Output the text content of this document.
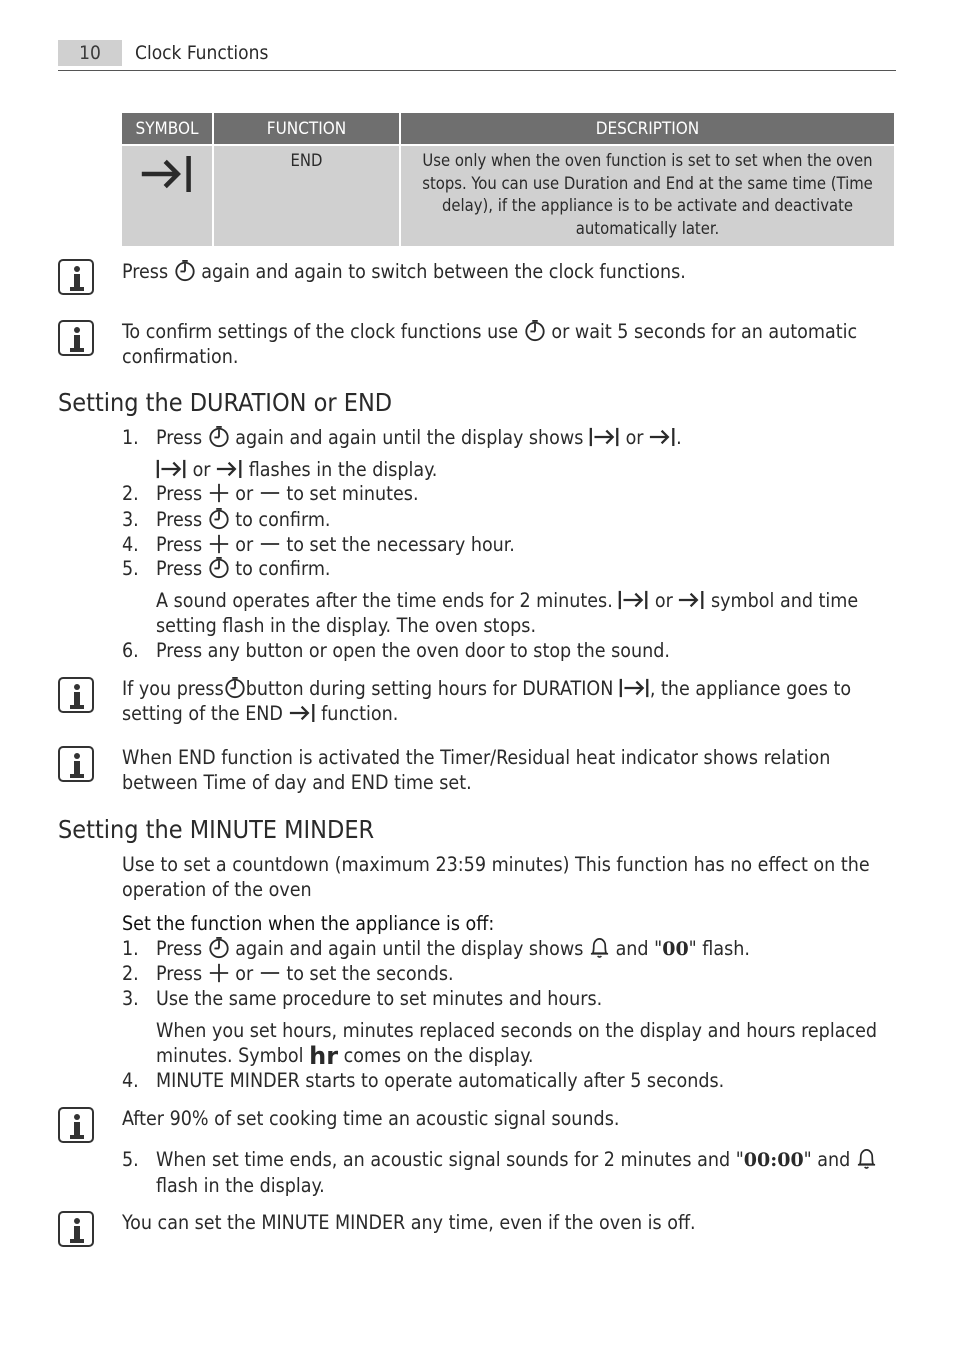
10	Clock Functions
SYMBOL	FUNCTION	DESCRIPTION
	END	Use only when the oven function is set to set when the oven stops. You can use Duration and End at the same time (Time delay), if the appliance is to be activate and deactivate automatically later.
Press again and again to switch between the clock functions.
To confirm settings of the clock functions use or wait 5 seconds for an automatic confirmation.
Setting the DURATION or END
1. Press again and again until the display shows or .
or flashes in the display.
2. Press or to set minutes.
3. Press to confirm.
4. Press or to set the necessary hour.
5. Press to confirm.
A sound operates after the time ends for 2 minutes. or symbol and time setting flash in the display. The oven stops.
6. Press any button or open the oven door to stop the sound.
If you press button during setting hours for DURATION , the appliance goes to setting of the END function.
When END function is activated the Timer/Residual heat indicator shows relation between Time of day and END time set.
Setting the MINUTE MINDER
Use to set a countdown (maximum 23:59 minutes) This function has no effect on the operation of the oven
Set the function when the appliance is off:
1. Press again and again until the display shows and "00" flash.
2. Press or to set the seconds.
3. Use the same procedure to set minutes and hours.
When you set hours, minutes replaced seconds on the display and hours replaced minutes. Symbol hr comes on the display.
4. MINUTE MINDER starts to operate automatically after 5 seconds.
After 90% of set cooking time an acoustic signal sounds.
5. When set time ends, an acoustic signal sounds for 2 minutes and "00:00" and  flash in the display.
You can set the MINUTE MINDER any time, even if the oven is off.
